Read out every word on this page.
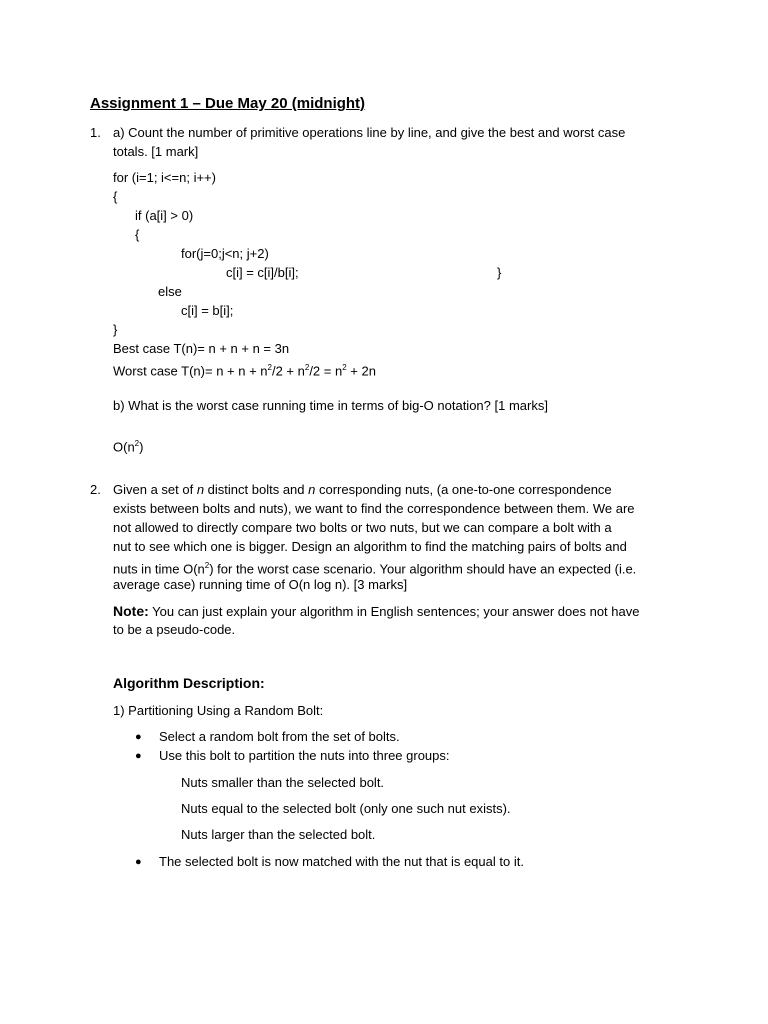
Assignment 1 – Due May 20 (midnight)
1. a) Count the number of primitive operations line by line, and give the best and worst case
totals. [1 mark]
for (i=1; i<=n; i++)
{
if (a[i] > 0)
{
for(j=0;j<n; j+2)
c[i] = c[i]/b[i];	}
else
c[i] = b[i];
}
Best case T(n)= n + n + n = 3n
Worst case $T(n)= n + n + n^2/2 + n^2/2 = n^2 + 2n$
b) What is the worst case running time in terms of big-O notation? [1 marks]
$O(n^2)$
2. Given a set of n distinct bolts and n corresponding nuts, (a one-to-one correspondence
exists between bolts and nuts), we want to find the correspondence between them. We are
not allowed to directly compare two bolts or two nuts, but we can compare a bolt with a
nut to see which one is bigger. Design an algorithm to find the matching pairs of bolts and
nuts in time $O(n^2)$ for the worst case scenario. Your algorithm should have an expected (i.e.
average case) running time of O(n log n). [3 marks]
Note: You can just explain your algorithm in English sentences; your answer does not have
to be a pseudo-code.
Algorithm Description:
1) Partitioning Using a Random Bolt:
● Select a random bolt from the set of bolts.
● Use this bolt to partition the nuts into three groups:
Nuts smaller than the selected bolt.
Nuts equal to the selected bolt (only one such nut exists).
Nuts larger than the selected bolt.
● The selected bolt is now matched with the nut that is equal to it.
